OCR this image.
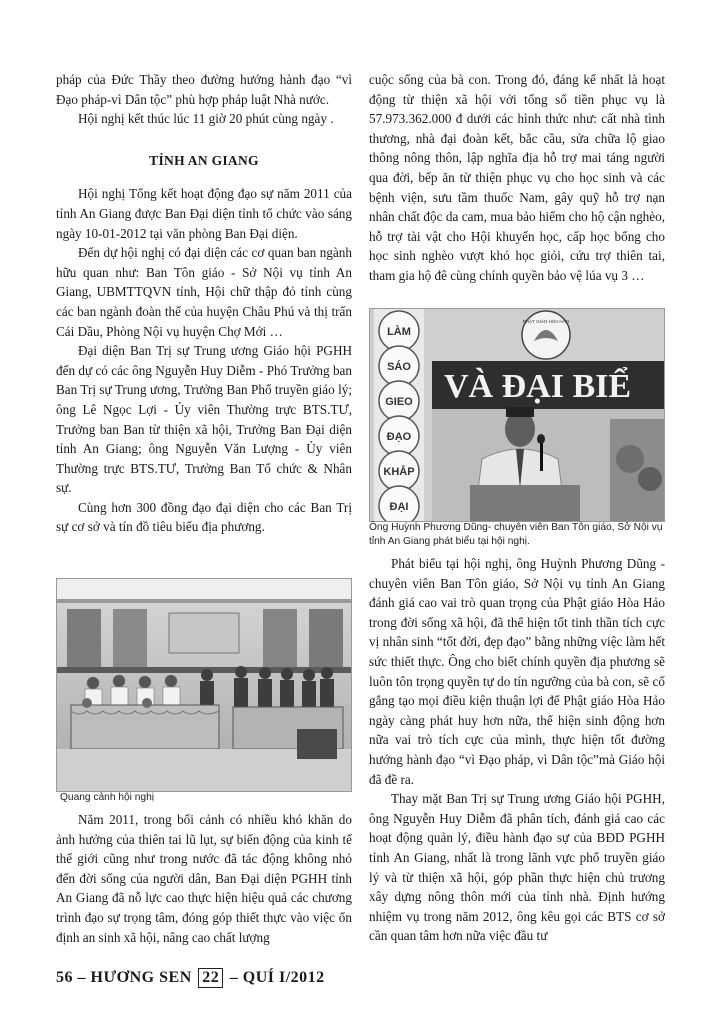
pháp của Đức Thầy theo đường hướng hành đạo “vì Đạo pháp-vì Dân tộc” phù hợp pháp luật Nhà nước.

Hội nghị kết thúc lúc 11 giờ 20 phút cùng ngày .

TỈNH AN GIANG

Hội nghị Tổng kết hoạt động đạo sự năm 2011 của tỉnh An Giang được Ban Đại diện tỉnh tổ chức vào sáng ngày 10-01-2012 tại văn phòng Ban Đại diện.

Đến dự hội nghị có đại diện các cơ quan ban ngành hữu quan như: Ban Tôn giáo - Sở Nội vụ tỉnh An Giang, UBMTTQVN tỉnh, Hội chữ thập đỏ tỉnh cùng các ban ngành đoàn thể của huyện Châu Phú và thị trấn Cái Dầu, Phòng Nội vụ huyện Chợ Mới …

Đại diện Ban Trị sự Trung ương Giáo hội PGHH đến dự có các ông Nguyễn Huy Diễm - Phó Trưởng ban Ban Trị sự Trung ương, Trưởng Ban Phổ truyền giáo lý; ông Lê Ngọc Lợi - Ủy viên Thường trực BTS.TƯ, Trưởng ban Ban từ thiện xã hội, Trưởng Ban Đại diện tỉnh An Giang; ông Nguyễn Văn Lượng - Ủy viên Thường trực BTS.TƯ, Trưởng Ban Tổ chức & Nhân sự.

Cùng hơn 300 đồng đạo đại diện cho các Ban Trị sự cơ sở và tín đồ tiêu biểu địa phương.

Quang cảnh hội nghị

Năm 2011, trong bối cảnh có nhiều khó khăn do ảnh hưởng của thiên tai lũ lụt, sự biến động của kinh tế thế giới cũng như trong nước đã tác động không nhỏ đến đời sống của người dân, Ban Đại diện PGHH tỉnh An Giang đã nỗ lực cao thực hiện hiệu quả các chương trình đạo sự trọng tâm, đóng góp thiết thực vào việc ổn định an sinh xã hội, nâng cao chất lượng

cuộc sống của bà con. Trong đó, đáng kể nhất là hoạt động từ thiện xã hội với tổng số tiền phục vụ là 57.973.362.000 đ dưới các hình thức như: cất nhà tình thương, nhà đại đoàn kết, bắc cầu, sửa chữa lộ giao thông nông thôn, lập nghĩa địa hỗ trợ mai táng người qua đời, bếp ăn từ thiện phục vụ cho học sinh và các bệnh viện, sưu tầm thuốc Nam, gây quỹ hỗ trợ nạn nhân chất độc da cam, mua bảo hiểm cho hộ cận nghèo, hỗ trợ tài vật cho Hội khuyến học, cấp học bổng cho học sinh nghèo vượt khó học giỏi, cứu trợ thiên tai, tham gia hộ đê cùng chính quyền bảo vệ lúa vụ 3 …

LÀM
SÁO
GIEO
ĐẠO
KHẮP
ĐẠI
PHẬT GIÁO HÒA HẢO
VÀ ĐẠI BIỂ
Ông Huỳnh Phương Dũng- chuyên viên Ban Tôn giáo, Sở Nội vụ tỉnh An Giang phát biểu tại hội nghị.

Phát biểu tại hội nghị, ông Huỳnh Phương Dũng - chuyên viên Ban Tôn giáo, Sở Nội vụ tỉnh An Giang đánh giá cao vai trò quan trọng của Phật giáo Hòa Hảo trong đời sống xã hội, đã thể hiện tốt tinh thần tích cực vị nhân sinh “tốt đời, đẹp đạo” bằng những việc làm hết sức thiết thực. Ông cho biết chính quyền địa phương sẽ luôn tôn trọng quyền tự do tín ngưỡng của bà con, sẽ cố gắng tạo mọi điều kiện thuận lợi để Phật giáo Hòa Hảo ngày càng phát huy hơn nữa, thể hiện sinh động hơn nữa vai trò tích cực của mình, thực hiện tốt đường hướng hành đạo “vì Đạo pháp, vì Dân tộc”mà Giáo hội đã đề ra.

Thay mặt Ban Trị sự Trung ương Giáo hội PGHH, ông Nguyễn Huy Diễm đã phân tích, đánh giá cao các hoạt động quản lý, điều hành đạo sự của BĐD PGHH tỉnh An Giang, nhất là trong lãnh vực phổ truyền giáo lý và từ thiện xã hội, góp phần thực hiện chủ trương xây dựng nông thôn mới của tỉnh nhà. Định hướng nhiệm vụ trong năm 2012, ông kêu gọi các BTS cơ sở cần quan tâm hơn nữa việc đầu tư

56 – HƯƠNG SEN 22 – QUÍ I/2012
